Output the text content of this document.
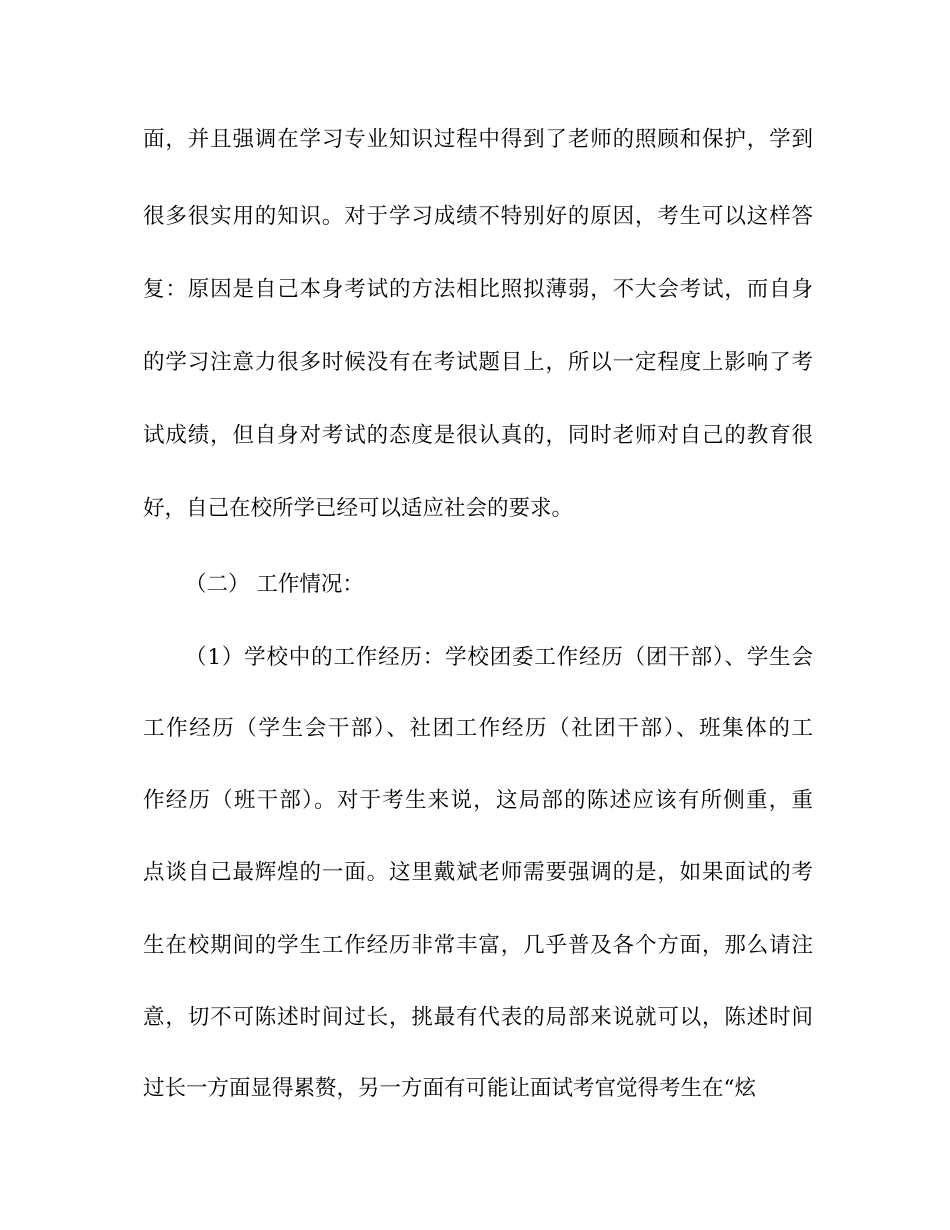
面，并且强调在学习专业知识过程中得到了老师的照顾和保护，学到
很多很实用的知识。对于学习成绩不特别好的原因，考生可以这样答
复：原因是自己本身考试的方法相比照拟薄弱，不大会考试，而自身
的学习注意力很多时候没有在考试题目上，所以一定程度上影响了考
试成绩，但自身对考试的态度是很认真的，同时老师对自己的教育很
好，自己在校所学已经可以适应社会的要求。
（二） 工作情况：
（1）学校中的工作经历：学校团委工作经历（团干部）、学生会
工作经历（学生会干部）、社团工作经历（社团干部）、班集体的工
作经历（班干部）。对于考生来说，这局部的陈述应该有所侧重，重
点谈自己最辉煌的一面。这里戴斌老师需要强调的是，如果面试的考
生在校期间的学生工作经历非常丰富，几乎普及各个方面，那么请注
意，切不可陈述时间过长，挑最有代表的局部来说就可以，陈述时间
过长一方面显得累赘，另一方面有可能让面试考官觉得考生在“炫
